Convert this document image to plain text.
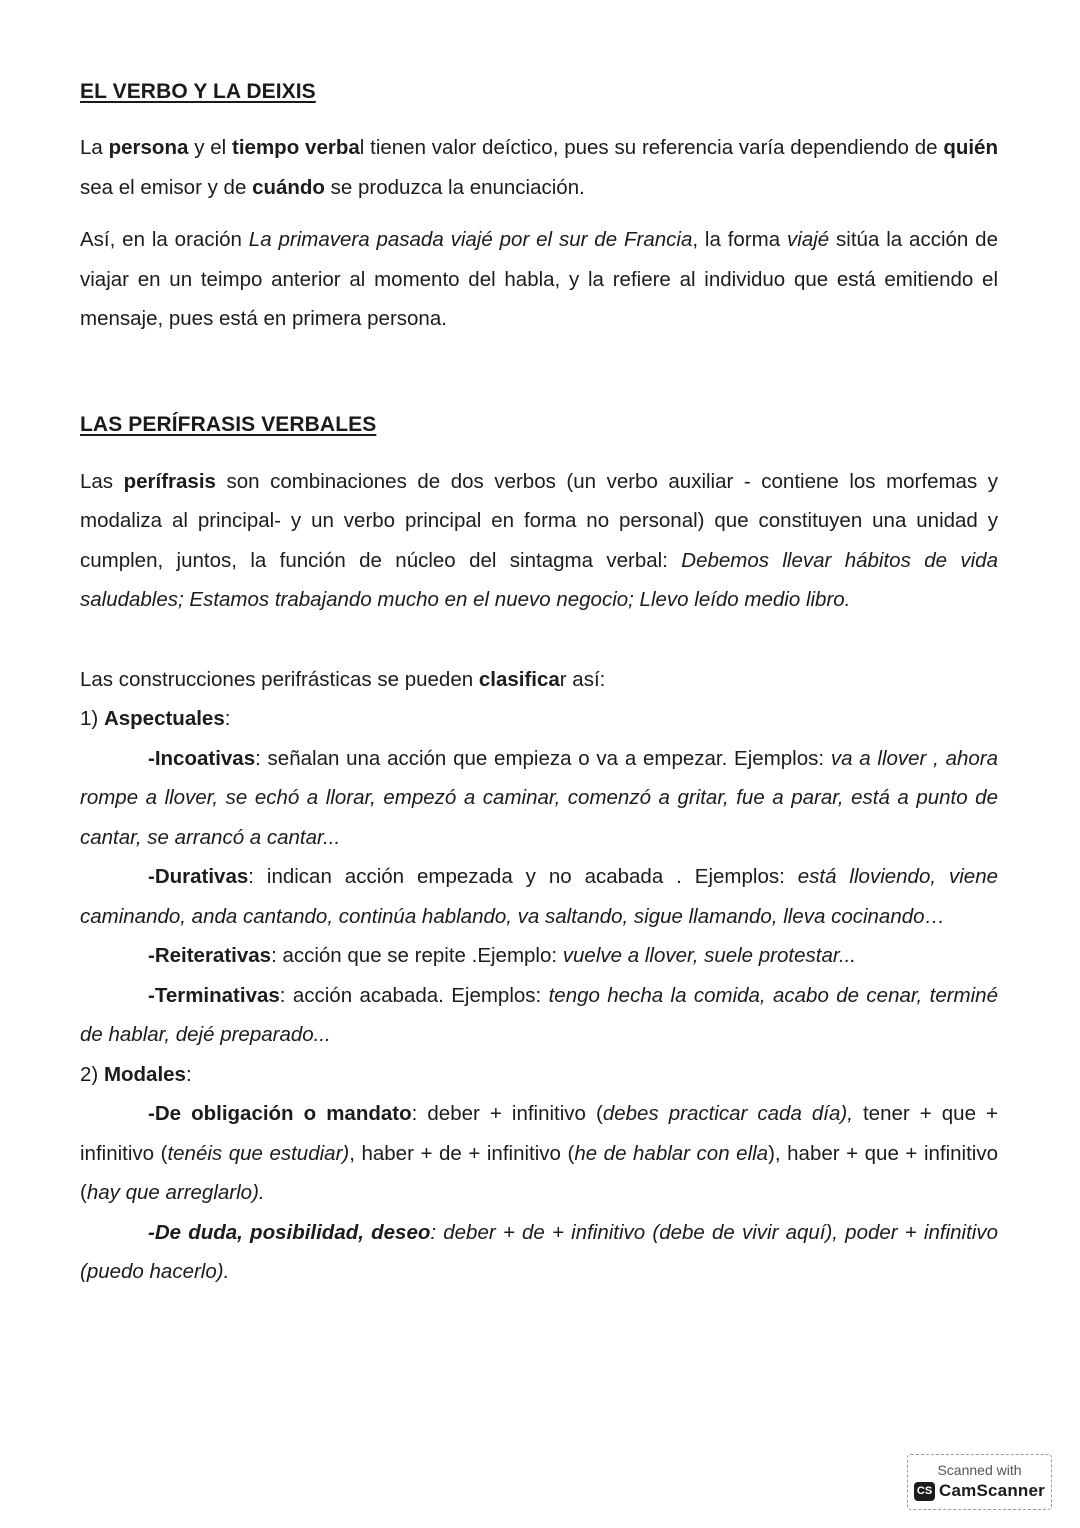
EL VERBO Y LA DEIXIS

La persona y el tiempo verbal tienen valor deíctico, pues su referencia varía dependiendo de quién sea el emisor y de cuándo se produzca la enunciación.

Así, en la oración La primavera pasada viajé por el sur de Francia, la forma viajé sitúa la acción de viajar en un teimpo anterior al momento del habla, y la refiere al individuo que está emitiendo el mensaje, pues está en primera persona.

LAS PERÍFRASIS VERBALES

Las perífrasis son combinaciones de dos verbos (un verbo auxiliar - contiene los morfemas y modaliza al principal- y un verbo principal en forma no personal) que constituyen una unidad y cumplen, juntos, la función de núcleo del sintagma verbal: Debemos llevar hábitos de vida saludables; Estamos trabajando mucho en el nuevo negocio; Llevo leído medio libro.

Las construcciones perifrásticas se pueden clasificar así:

1) Aspectuales:

-Incoativas: señalan una acción que empieza o va a empezar. Ejemplos: va a llover , ahora rompe a llover, se echó a llorar, empezó a caminar, comenzó a gritar, fue a parar, está a punto de cantar, se arrancó a cantar...

-Durativas: indican acción empezada y no acabada . Ejemplos: está lloviendo, viene caminando, anda cantando, continúa hablando, va saltando, sigue llamando, lleva cocinando…

-Reiterativas: acción que se repite .Ejemplo: vuelve a llover, suele protestar...

-Terminativas: acción acabada. Ejemplos: tengo hecha la comida, acabo de cenar, terminé de hablar, dejé preparado...

2) Modales:

-De obligación o mandato: deber + infinitivo (debes practicar cada día), tener + que + infinitivo (tenéis que estudiar), haber + de + infinitivo (he de hablar con ella), haber + que + infinitivo (hay que arreglarlo).

-De duda, posibilidad, deseo: deber + de + infinitivo (debe de vivir aquí), poder + infinitivo (puedo hacerlo).

Scanned with
CS CamScanner
